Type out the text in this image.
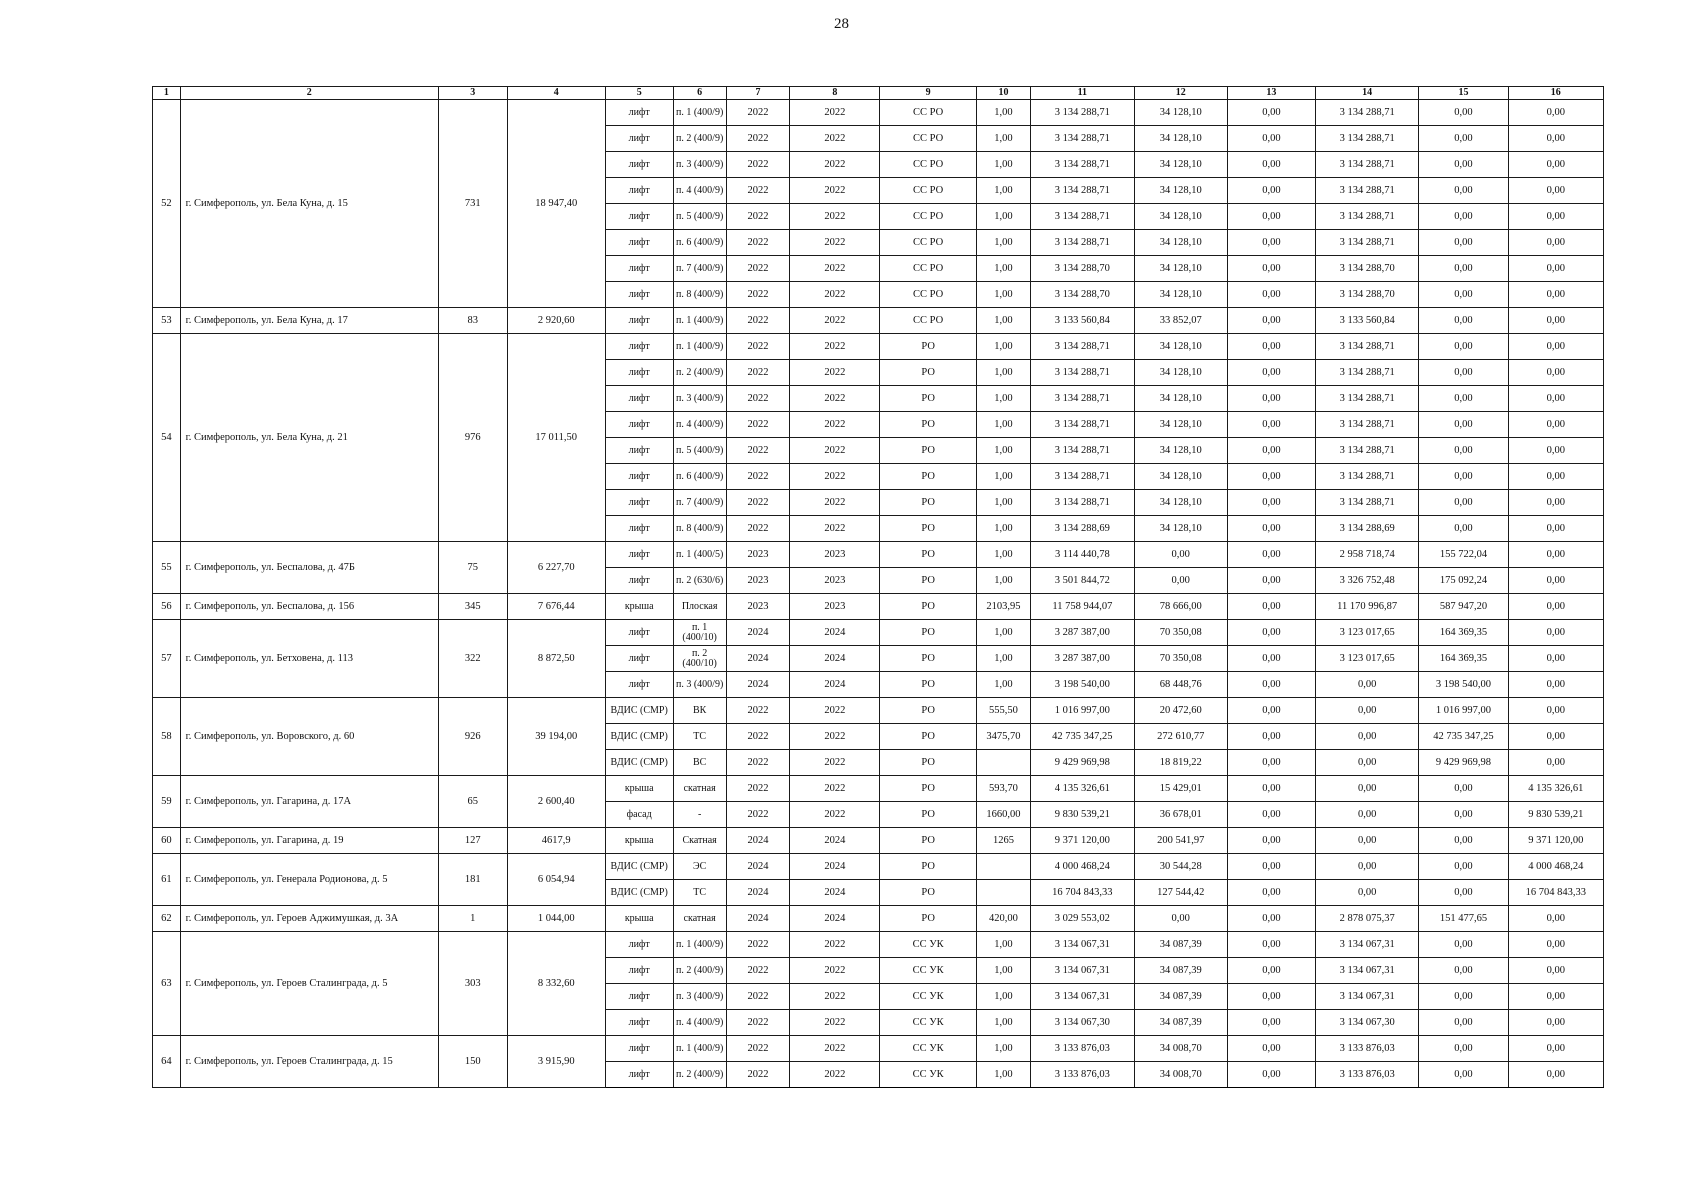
28
1	2	3	4	5	6	7	8	9	10	11	12	13	14	15	16
52	г. Симферополь, ул. Бела Куна, д. 15	731	18 947,40	лифт	п. 1 (400/9)	2022	2022	СС РО	1,00	3 134 288,71	34 128,10	0,00	3 134 288,71	0,00	0,00
				лифт	п. 2 (400/9)	2022	2022	СС РО	1,00	3 134 288,71	34 128,10	0,00	3 134 288,71	0,00	0,00
				лифт	п. 3 (400/9)	2022	2022	СС РО	1,00	3 134 288,71	34 128,10	0,00	3 134 288,71	0,00	0,00
				лифт	п. 4 (400/9)	2022	2022	СС РО	1,00	3 134 288,71	34 128,10	0,00	3 134 288,71	0,00	0,00
				лифт	п. 5 (400/9)	2022	2022	СС РО	1,00	3 134 288,71	34 128,10	0,00	3 134 288,71	0,00	0,00
				лифт	п. 6 (400/9)	2022	2022	СС РО	1,00	3 134 288,71	34 128,10	0,00	3 134 288,71	0,00	0,00
				лифт	п. 7 (400/9)	2022	2022	СС РО	1,00	3 134 288,70	34 128,10	0,00	3 134 288,70	0,00	0,00
				лифт	п. 8 (400/9)	2022	2022	СС РО	1,00	3 134 288,70	34 128,10	0,00	3 134 288,70	0,00	0,00
53	г. Симферополь, ул. Бела Куна, д. 17	83	2 920,60	лифт	п. 1 (400/9)	2022	2022	СС РО	1,00	3 133 560,84	33 852,07	0,00	3 133 560,84	0,00	0,00
54	г. Симферополь, ул. Бела Куна, д. 21	976	17 011,50	лифт	п. 1 (400/9)	2022	2022	РО	1,00	3 134 288,71	34 128,10	0,00	3 134 288,71	0,00	0,00
				лифт	п. 2 (400/9)	2022	2022	РО	1,00	3 134 288,71	34 128,10	0,00	3 134 288,71	0,00	0,00
				лифт	п. 3 (400/9)	2022	2022	РО	1,00	3 134 288,71	34 128,10	0,00	3 134 288,71	0,00	0,00
				лифт	п. 4 (400/9)	2022	2022	РО	1,00	3 134 288,71	34 128,10	0,00	3 134 288,71	0,00	0,00
				лифт	п. 5 (400/9)	2022	2022	РО	1,00	3 134 288,71	34 128,10	0,00	3 134 288,71	0,00	0,00
				лифт	п. 6 (400/9)	2022	2022	РО	1,00	3 134 288,71	34 128,10	0,00	3 134 288,71	0,00	0,00
				лифт	п. 7 (400/9)	2022	2022	РО	1,00	3 134 288,71	34 128,10	0,00	3 134 288,71	0,00	0,00
				лифт	п. 8 (400/9)	2022	2022	РО	1,00	3 134 288,69	34 128,10	0,00	3 134 288,69	0,00	0,00
55	г. Симферополь, ул. Беспалова, д. 47Б	75	6 227,70	лифт	п. 1 (400/5)	2023	2023	РО	1,00	3 114 440,78	0,00	0,00	2 958 718,74	155 722,04	0,00
				лифт	п. 2 (630/6)	2023	2023	РО	1,00	3 501 844,72	0,00	0,00	3 326 752,48	175 092,24	0,00
56	г. Симферополь, ул. Беспалова, д. 156	345	7 676,44	крыша	Плоская	2023	2023	РО	2103,95	11 758 944,07	78 666,00	0,00	11 170 996,87	587 947,20	0,00
57	г. Симферополь, ул. Бетховена, д. 113	322	8 872,50	лифт	п. 1 (400/10)	2024	2024	РО	1,00	3 287 387,00	70 350,08	0,00	3 123 017,65	164 369,35	0,00
				лифт	п. 2 (400/10)	2024	2024	РО	1,00	3 287 387,00	70 350,08	0,00	3 123 017,65	164 369,35	0,00
				лифт	п. 3 (400/9)	2024	2024	РО	1,00	3 198 540,00	68 448,76	0,00	0,00	3 198 540,00	0,00
58	г. Симферополь, ул. Воровского, д. 60	926	39 194,00	ВДИС (СМР)	ВК	2022	2022	РО	555,50	1 016 997,00	20 472,60	0,00	0,00	1 016 997,00	0,00
				ВДИС (СМР)	ТС	2022	2022	РО	3475,70	42 735 347,25	272 610,77	0,00	0,00	42 735 347,25	0,00
				ВДИС (СМР)	ВС	2022	2022	РО		9 429 969,98	18 819,22	0,00	0,00	9 429 969,98	0,00
59	г. Симферополь, ул. Гагарина, д. 17А	65	2 600,40	крыша	скатная	2022	2022	РО	593,70	4 135 326,61	15 429,01	0,00	0,00	0,00	4 135 326,61
				фасад	-	2022	2022	РО	1660,00	9 830 539,21	36 678,01	0,00	0,00	0,00	9 830 539,21
60	г. Симферополь, ул. Гагарина, д. 19	127	4617,9	крыша	Скатная	2024	2024	РО	1265	9 371 120,00	200 541,97	0,00	0,00	0,00	9 371 120,00
61	г. Симферополь, ул. Генерала Родионова, д. 5	181	6 054,94	ВДИС (СМР)	ЭС	2024	2024	РО		4 000 468,24	30 544,28	0,00	0,00	0,00	4 000 468,24
				ВДИС (СМР)	ТС	2024	2024	РО		16 704 843,33	127 544,42	0,00	0,00	0,00	16 704 843,33
62	г. Симферополь, ул. Героев Аджимушкая, д. 3А	1	1 044,00	крыша	скатная	2024	2024	РО	420,00	3 029 553,02	0,00	0,00	2 878 075,37	151 477,65	0,00
63	г. Симферополь, ул. Героев Сталинграда, д. 5	303	8 332,60	лифт	п. 1 (400/9)	2022	2022	СС УК	1,00	3 134 067,31	34 087,39	0,00	3 134 067,31	0,00	0,00
				лифт	п. 2 (400/9)	2022	2022	СС УК	1,00	3 134 067,31	34 087,39	0,00	3 134 067,31	0,00	0,00
				лифт	п. 3 (400/9)	2022	2022	СС УК	1,00	3 134 067,31	34 087,39	0,00	3 134 067,31	0,00	0,00
				лифт	п. 4 (400/9)	2022	2022	СС УК	1,00	3 134 067,30	34 087,39	0,00	3 134 067,30	0,00	0,00
64	г. Симферополь, ул. Героев Сталинграда, д. 15	150	3 915,90	лифт	п. 1 (400/9)	2022	2022	СС УК	1,00	3 133 876,03	34 008,70	0,00	3 133 876,03	0,00	0,00
				лифт	п. 2 (400/9)	2022	2022	СС УК	1,00	3 133 876,03	34 008,70	0,00	3 133 876,03	0,00	0,00
